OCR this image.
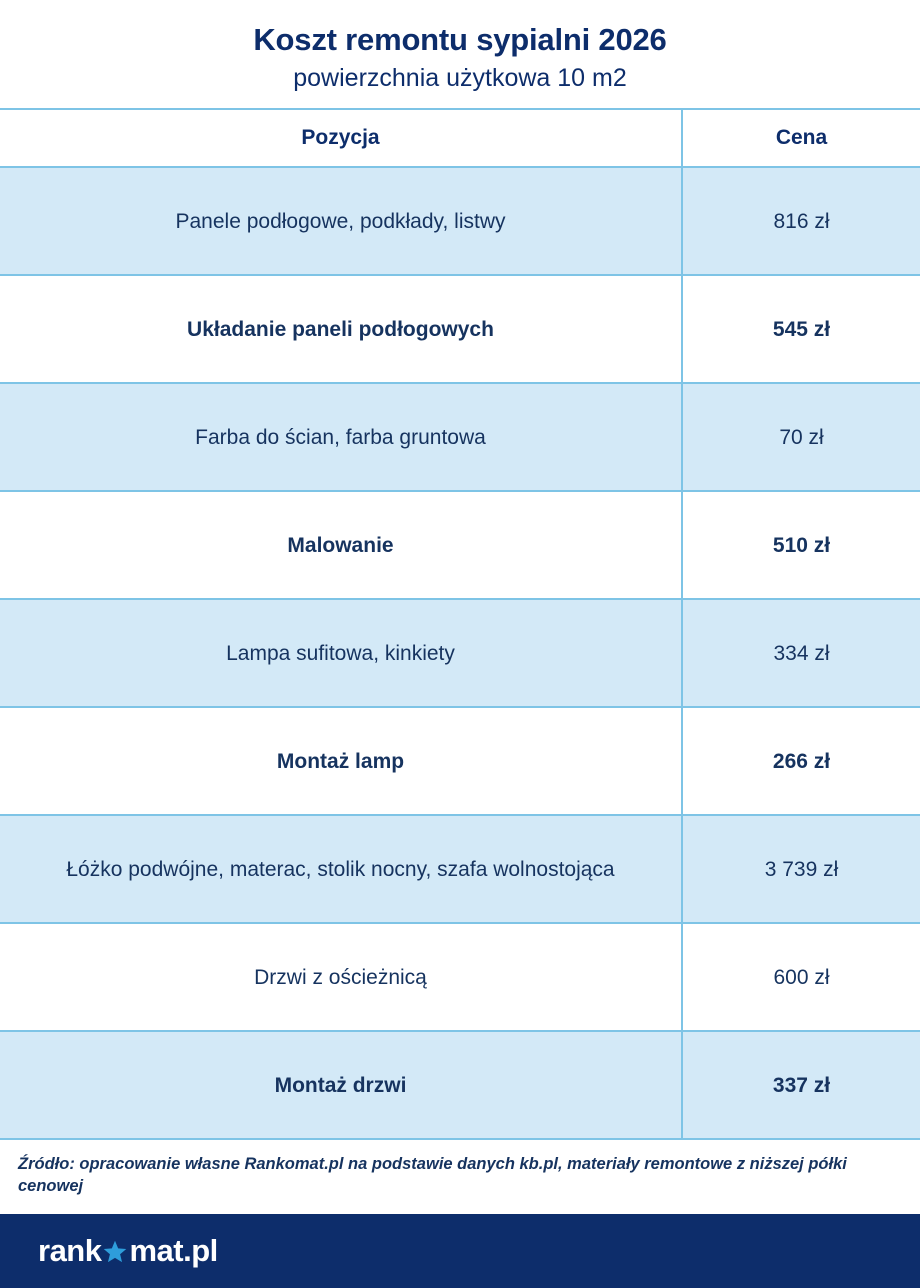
Koszt remontu sypialni 2026
powierzchnia użytkowa 10 m2
Pozycja	Cena
Panele podłogowe, podkłady, listwy	816 zł
Układanie paneli podłogowych	545 zł
Farba do ścian, farba gruntowa	70 zł
Malowanie	510 zł
Lampa sufitowa, kinkiety	334 zł
Montaż lamp	266 zł
Łóżko podwójne, materac, stolik nocny, szafa wolnostojąca	3 739 zł
Drzwi z ościeżnicą	600 zł
Montaż drzwi	337 zł
Źródło: opracowanie własne Rankomat.pl na podstawie danych kb.pl, materiały remontowe z niższej półki cenowej
rank mat.pl
